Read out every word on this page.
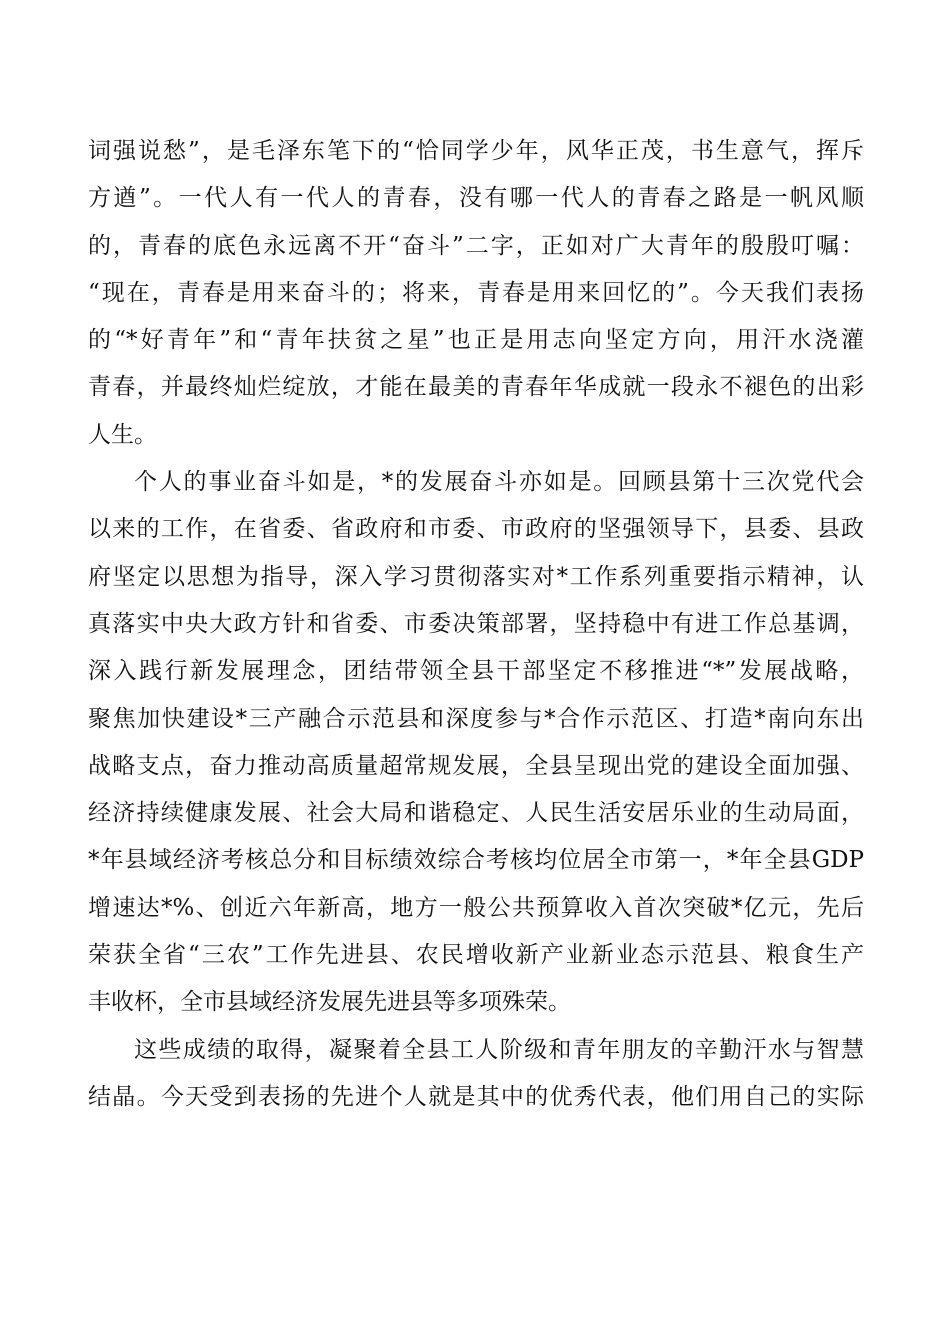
词强说愁”，是毛泽东笔下的“恰同学少年，风华正茂，书生意气，挥斥
方遒”。一代人有一代人的青春，没有哪一代人的青春之路是一帆风顺
的，青春的底色永远离不开“奋斗”二字，正如对广大青年的殷殷叮嘱：
“现在，青春是用来奋斗的；将来，青春是用来回忆的”。今天我们表扬
的“*好青年”和“青年扶贫之星”也正是用志向坚定方向，用汗水浇灌
青春，并最终灿烂绽放，才能在最美的青春年华成就一段永不褪色的出彩
人生。
个人的事业奋斗如是，*的发展奋斗亦如是。回顾县第十三次党代会
以来的工作，在省委、省政府和市委、市政府的坚强领导下，县委、县政
府坚定以思想为指导，深入学习贯彻落实对*工作系列重要指示精神，认
真落实中央大政方针和省委、市委决策部署，坚持稳中有进工作总基调，
深入践行新发展理念，团结带领全县干部坚定不移推进“*”发展战略，
聚焦加快建设*三产融合示范县和深度参与*合作示范区、打造*南向东出
战略支点，奋力推动高质量超常规发展，全县呈现出党的建设全面加强、
经济持续健康发展、社会大局和谐稳定、人民生活安居乐业的生动局面，
*年县域经济考核总分和目标绩效综合考核均位居全市第一，*年全县GDP
增速达*%、创近六年新高，地方一般公共预算收入首次突破*亿元，先后
荣获全省“三农”工作先进县、农民增收新产业新业态示范县、粮食生产
丰收杯，全市县域经济发展先进县等多项殊荣。
这些成绩的取得，凝聚着全县工人阶级和青年朋友的辛勤汗水与智慧
结晶。今天受到表扬的先进个人就是其中的优秀代表，他们用自己的实际
